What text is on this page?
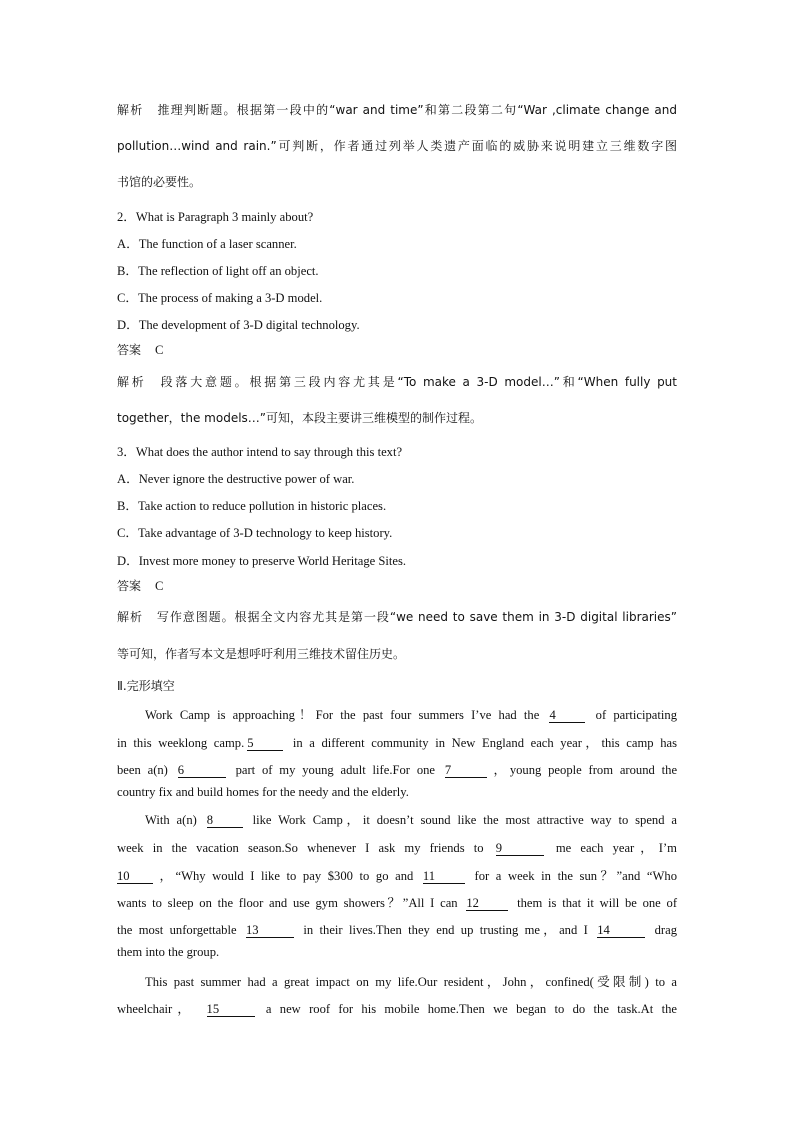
解析 推理判断题。根据第一段中的“war and time”和第二段第二句“War ,climate change and
pollution…wind and rain.”可判断，作者通过列举人类遗产面临的威胁来说明建立三维数字图
书馆的必要性。
2．What is Paragraph 3 mainly about?
A．The function of a laser scanner.
B．The reflection of light off an object.
C．The process of making a 3-D model.
D．The development of 3-D digital technology.
答案 C
解析 段落大意题。根据第三段内容尤其是“To make a 3-D model…”和“When fully put
together，the models…”可知，本段主要讲三维模型的制作过程。
3．What does the author intend to say through this text?
A．Never ignore the destructive power of war.
B．Take action to reduce pollution in historic places.
C．Take advantage of 3-D technology to keep history.
D．Invest more money to preserve World Heritage Sites.
答案 C
解析 写作意图题。根据全文内容尤其是第一段“we need to save them in 3-D digital libraries”
等可知，作者写本文是想呼吁利用三维技术留住历史。
Ⅱ.完形填空
Work Camp is approaching！For the past four summers I’ve had the 4	of participating
in this weeklong camp. 5	in a different community in New England each year，this camp has
been a(n) 6	part of my young adult life.For one 7	，young people from around the
country fix and build homes for the needy and the elderly.
With a(n) 8	like Work Camp，it doesn’t sound like the most attractive way to spend a
week in the vacation season.So whenever I ask my friends to 9	me each year，I’m
10 ，“Why would I like to pay $300 to go and 11	for a week in the sun？”and “Who
wants to sleep on the floor and use gym showers？”All I can 12	them is that it will be one of
the most unforgettable 13	in their lives.Then they end up trusting me，and I 14	drag
them into the group.
This past summer had a great impact on my life.Our resident，John，confined(受限制) to a
wheelchair， 15	a new roof for his mobile home.Then we began to do the task.At the
